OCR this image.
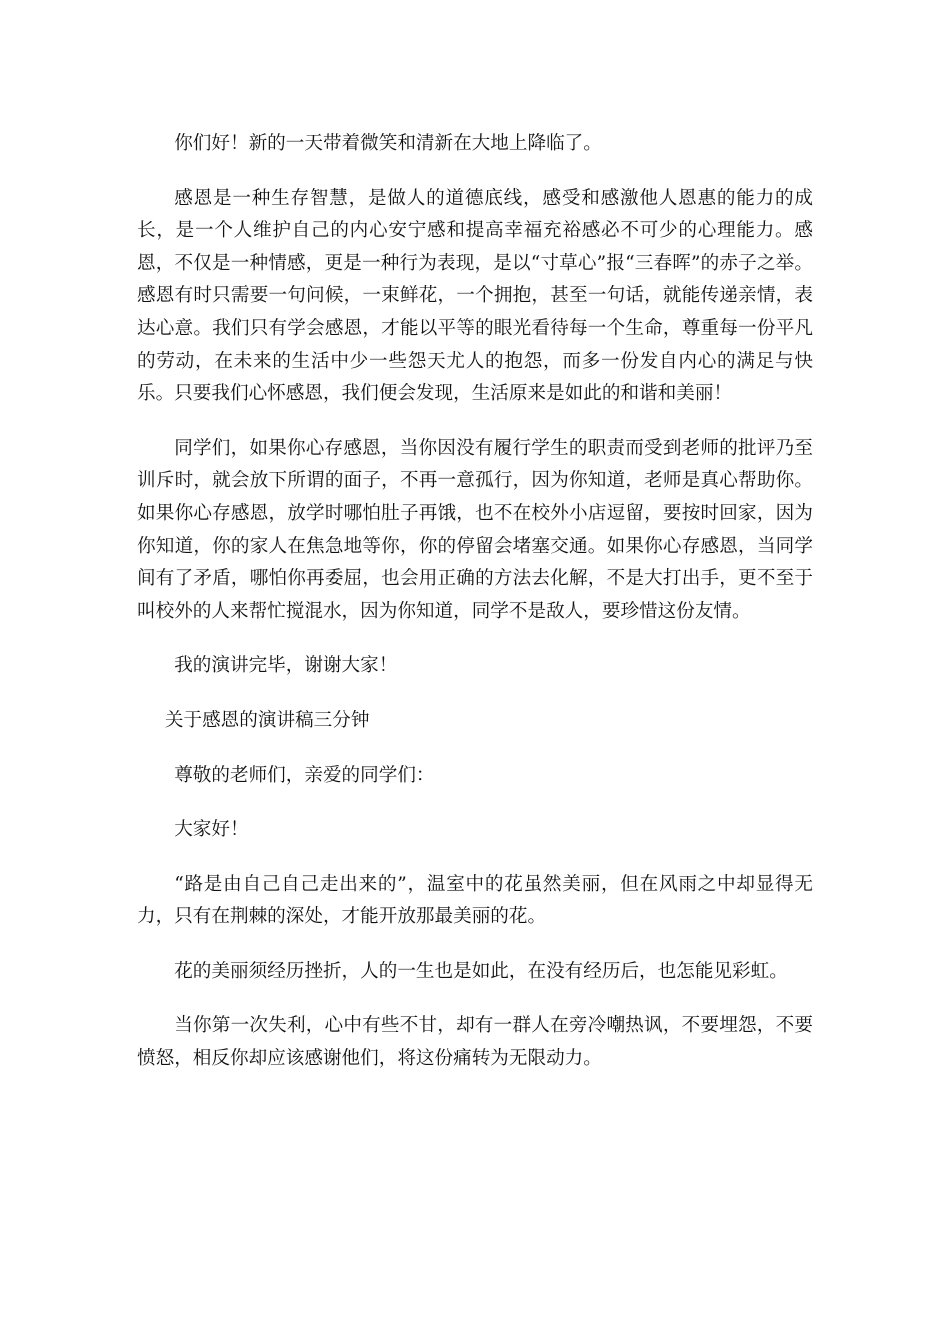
你们好！新的一天带着微笑和清新在大地上降临了。

感恩是一种生存智慧，是做人的道德底线，感受和感激他人恩惠的能力的成长，是一个人维护自己的内心安宁感和提高幸福充裕感必不可少的心理能力。感恩，不仅是一种情感，更是一种行为表现，是以“寸草心”报“三春晖”的赤子之举。感恩有时只需要一句问候，一束鲜花，一个拥抱，甚至一句话，就能传递亲情，表达心意。我们只有学会感恩，才能以平等的眼光看待每一个生命，尊重每一份平凡的劳动，在未来的生活中少一些怨天尤人的抱怨，而多一份发自内心的满足与快乐。只要我们心怀感恩，我们便会发现，生活原来是如此的和谐和美丽！

同学们，如果你心存感恩，当你因没有履行学生的职责而受到老师的批评乃至训斥时，就会放下所谓的面子，不再一意孤行，因为你知道，老师是真心帮助你。如果你心存感恩，放学时哪怕肚子再饿，也不在校外小店逗留，要按时回家，因为你知道，你的家人在焦急地等你，你的停留会堵塞交通。如果你心存感恩，当同学间有了矛盾，哪怕你再委屈，也会用正确的方法去化解，不是大打出手，更不至于叫校外的人来帮忙搅混水，因为你知道，同学不是敌人，要珍惜这份友情。

我的演讲完毕，谢谢大家！

关于感恩的演讲稿三分钟

尊敬的老师们，亲爱的同学们：

大家好！

“路是由自己自己走出来的”，温室中的花虽然美丽，但在风雨之中却显得无力，只有在荆棘的深处，才能开放那最美丽的花。

花的美丽须经历挫折，人的一生也是如此，在没有经历后，也怎能见彩虹。

当你第一次失利，心中有些不甘，却有一群人在旁冷嘲热讽，不要埋怨，不要愤怒，相反你却应该感谢他们，将这份痛转为无限动力。
